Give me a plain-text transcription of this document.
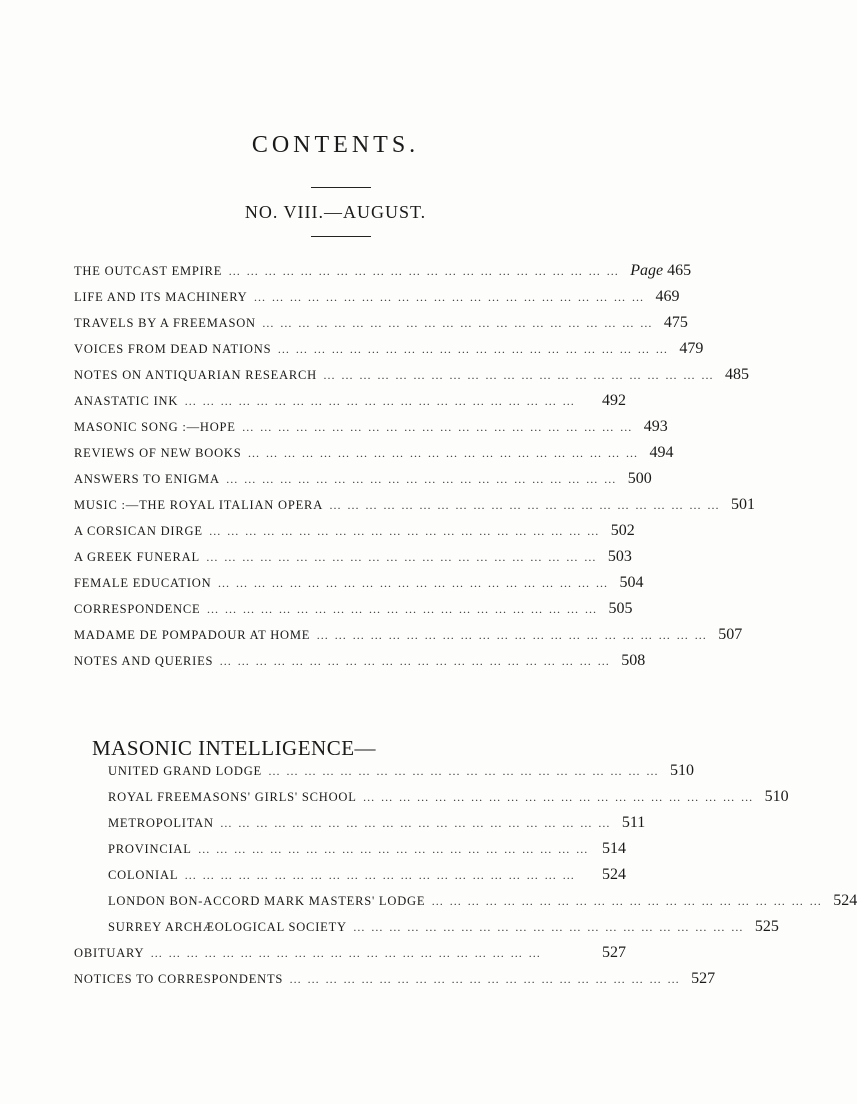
CONTENTS.
NO. VIII.—AUGUST.
THE OUTCAST EMPIRE ………………………………………………………… Page 465
LIFE AND ITS MACHINERY ………………………………………………………… 469
TRAVELS BY A FREEMASON ………………………………………………………… 475
VOICES FROM DEAD NATIONS ………………………………………………………… 479
NOTES ON ANTIQUARIAN RESEARCH ………………………………………………………… 485
ANASTATIC INK …………………………………………………………	492
MASONIC SONG :—HOPE ………………………………………………………… 493
REVIEWS OF NEW BOOKS ………………………………………………………… 494
ANSWERS TO ENIGMA ………………………………………………………… 500
MUSIC :—THE ROYAL ITALIAN OPERA ………………………………………………………… 501
A CORSICAN DIRGE ………………………………………………………… 502
A GREEK FUNERAL ………………………………………………………… 503
FEMALE EDUCATION ………………………………………………………… 504
CORRESPONDENCE ………………………………………………………… 505
MADAME DE POMPADOUR AT HOME ………………………………………………………… 507
NOTES AND QUERIES ………………………………………………………… 508
MASONIC INTELLIGENCE—
UNITED GRAND LODGE ………………………………………………………… 510
ROYAL FREEMASONS' GIRLS' SCHOOL ………………………………………………………… 510
METROPOLITAN ………………………………………………………… 511
PROVINCIAL ………………………………………………………… 514
COLONIAL …………………………………………………………	524
LONDON BON-ACCORD MARK MASTERS' LODGE ………………………………………………………… 524
SURREY ARCHÆOLOGICAL SOCIETY ………………………………………………………… 525
OBITUARY …………………………………………………………	527
NOTICES TO CORRESPONDENTS ………………………………………………………… 527
